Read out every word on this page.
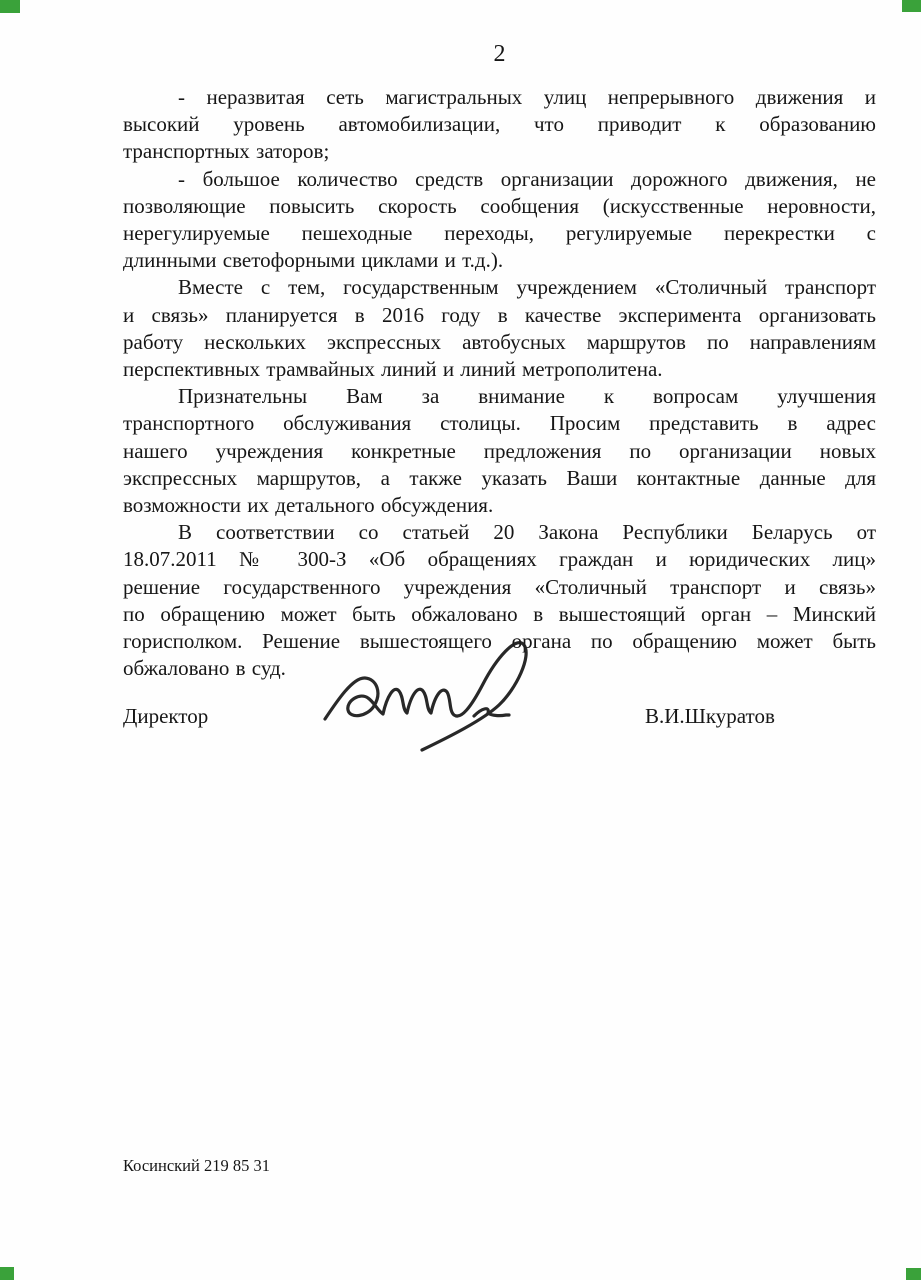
2
- неразвитая сеть магистральных улиц непрерывного движения и
высокий уровень автомобилизации, что приводит к образованию
транспортных заторов;
- большое количество средств организации дорожного движения, не
позволяющие повысить скорость сообщения (искусственные неровности,
нерегулируемые пешеходные переходы, регулируемые перекрестки с
длинными светофорными циклами и т.д.).
Вместе с тем, государственным учреждением «Столичный транспорт
и связь» планируется в 2016 году в качестве эксперимента организовать
работу нескольких экспрессных автобусных маршрутов по направлениям
перспективных трамвайных линий и линий метрополитена.
Признательны Вам за внимание к вопросам улучшения
транспортного обслуживания столицы. Просим представить в адрес
нашего учреждения конкретные предложения по организации новых
экспрессных маршрутов, а также указать Ваши контактные данные для
возможности их детального обсуждения.
В соответствии со статьей 20 Закона Республики Беларусь от
18.07.2011 № 300-З «Об обращениях граждан и юридических лиц»
решение государственного учреждения «Столичный транспорт и связь»
по обращению может быть обжаловано в вышестоящий орган – Минский
горисполком. Решение вышестоящего органа по обращению может быть
обжаловано в суд.
Директор	В.И.Шкуратов
Косинский 219 85 31
